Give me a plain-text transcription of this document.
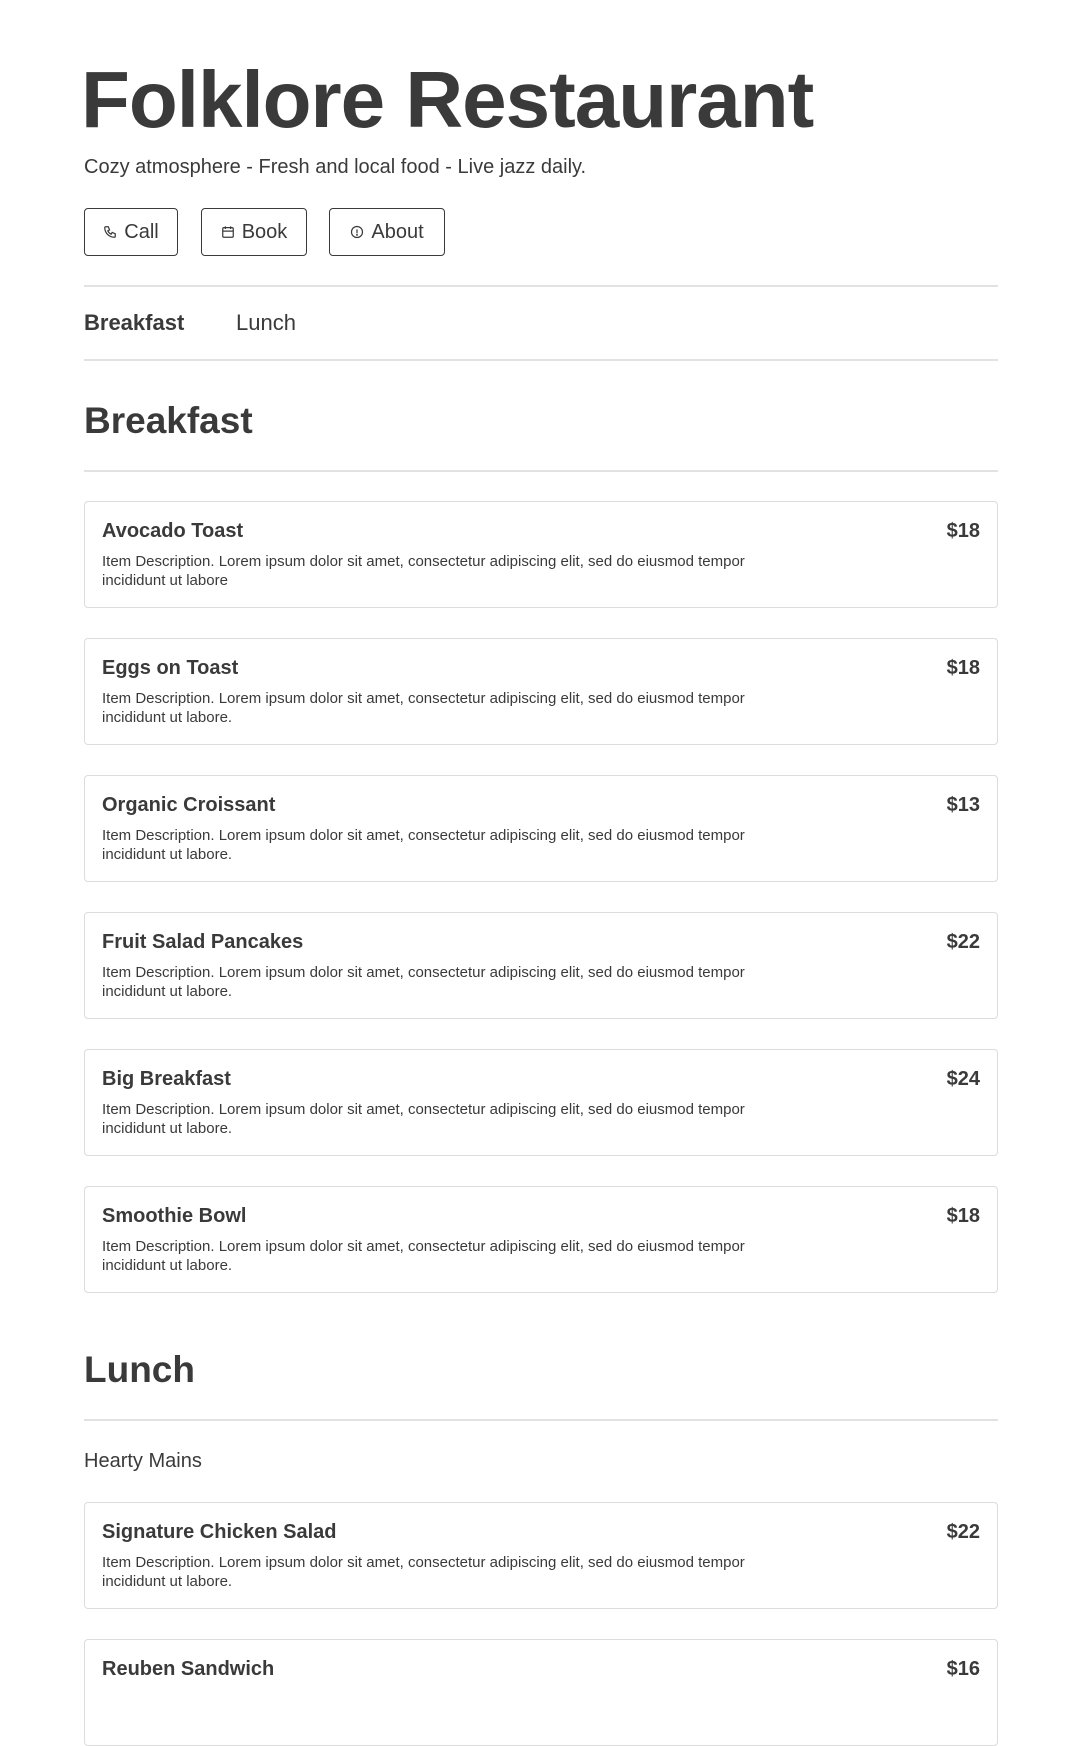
Folklore Restaurant
Cozy atmosphere - Fresh and local food - Live jazz daily.
Call	Book	About
Breakfast Lunch
Breakfast
Avocado Toast	$18
Item Description. Lorem ipsum dolor sit amet, consectetur adipiscing elit, sed do eiusmod tempor incididunt ut labore
Eggs on Toast	$18
Item Description. Lorem ipsum dolor sit amet, consectetur adipiscing elit, sed do eiusmod tempor incididunt ut labore.
Organic Croissant	$13
Item Description. Lorem ipsum dolor sit amet, consectetur adipiscing elit, sed do eiusmod tempor incididunt ut labore.
Fruit Salad Pancakes	$22
Item Description. Lorem ipsum dolor sit amet, consectetur adipiscing elit, sed do eiusmod tempor incididunt ut labore.
Big Breakfast	$24
Item Description. Lorem ipsum dolor sit amet, consectetur adipiscing elit, sed do eiusmod tempor incididunt ut labore.
Smoothie Bowl	$18
Item Description. Lorem ipsum dolor sit amet, consectetur adipiscing elit, sed do eiusmod tempor incididunt ut labore.
Lunch
Hearty Mains
Signature Chicken Salad	$22
Item Description. Lorem ipsum dolor sit amet, consectetur adipiscing elit, sed do eiusmod tempor incididunt ut labore.
Reuben Sandwich	$16
